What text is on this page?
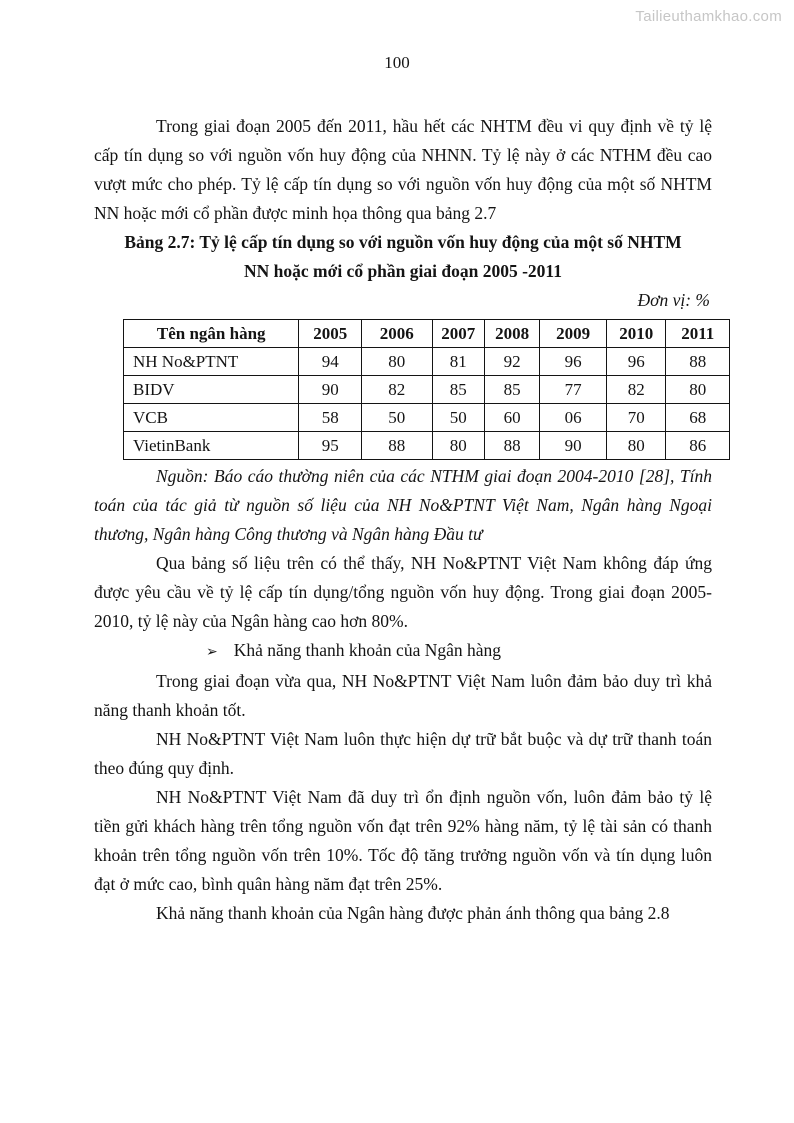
Tailieuthamkhao.com
100

Trong giai đoạn 2005 đến 2011, hầu hết các NHTM đều vi quy định về tỷ lệ cấp tín dụng so với nguồn vốn huy động của NHNN. Tỷ lệ này ở các NTHM đều cao vượt mức cho phép. Tỷ lệ cấp tín dụng so với nguồn vốn huy động của một số NHTM NN hoặc mới cổ phần được minh họa thông qua bảng 2.7

Bảng 2.7: Tỷ lệ cấp tín dụng so với nguồn vốn huy động của một số NHTM

NN hoặc mới cổ phần giai đoạn 2005 -2011

Đơn vị: %

Tên ngân hàng	2005	2006	2007	2008	2009	2010	2011
NH No&PTNT	94	80	81	92	96	96	88
BIDV	90	82	85	85	77	82	80
VCB	58	50	50	60	06	70	68
VietinBank	95	88	80	88	90	80	86

Nguồn: Báo cáo thường niên của các NTHM giai đoạn 2004-2010 [28], Tính toán của tác giả từ nguồn số liệu của NH No&PTNT Việt Nam, Ngân hàng Ngoại thương, Ngân hàng Công thương và Ngân hàng Đầu tư

Qua bảng số liệu trên có thể thấy, NH No&PTNT Việt Nam không đáp ứng được yêu cầu về tỷ lệ cấp tín dụng/tổng nguồn vốn huy động. Trong giai đoạn 2005-2010, tỷ lệ này của Ngân hàng cao hơn 80%.

➢ Khả năng thanh khoản của Ngân hàng

Trong giai đoạn vừa qua, NH No&PTNT Việt Nam luôn đảm bảo duy trì khả năng thanh khoản tốt.

NH No&PTNT Việt Nam luôn thực hiện dự trữ bắt buộc và dự trữ thanh toán theo đúng quy định.

NH No&PTNT Việt Nam đã duy trì ổn định nguồn vốn, luôn đảm bảo tỷ lệ tiền gửi khách hàng trên tổng nguồn vốn đạt trên 92% hàng năm, tỷ lệ tài sản có thanh khoản trên tổng nguồn vốn trên 10%. Tốc độ tăng trưởng nguồn vốn và tín dụng luôn đạt ở mức cao, bình quân hàng năm đạt trên 25%.

Khả năng thanh khoản của Ngân hàng được phản ánh thông qua bảng 2.8
